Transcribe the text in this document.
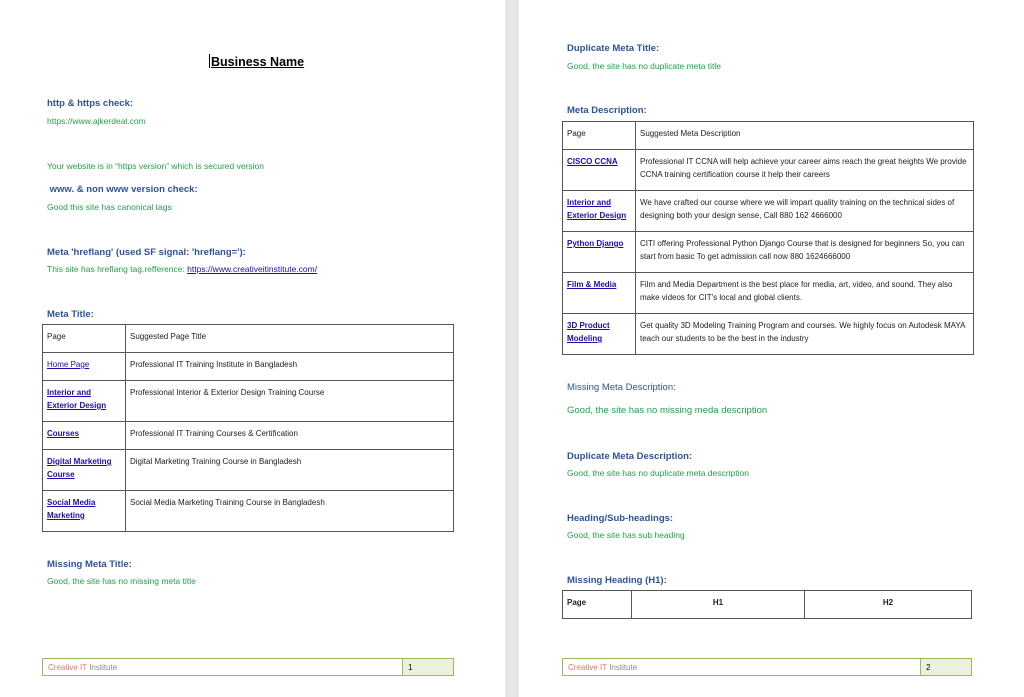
Business Name
http & https check:
https://www.ajkerdeal.com
Your website is in “https version” which is secured version
www. & non www version check:
Good this site has canonical tags
Meta 'hreflang' (used SF signal: 'hreflang='):
This site has hreflang tag.refference: https://www.creativeitinstitute.com/
Meta Title:
Page	Suggested Page Title
Home Page	Professional IT Training Institute in Bangladesh
Interior and Exterior Design	Professional Interior & Exterior Design Training Course
Courses	Professional IT Training Courses & Certification
Digital Marketing Course	Digital Marketing Training Course in Bangladesh
Social Media Marketing	Social Media Marketing Training Course in Bangladesh
Missing Meta Title:
Good, the site has no missing meta title
Creative IT Institute	1
Duplicate Meta Title:
Good, the site has no duplicate meta title
Meta Description:
Page	Suggested Meta Description
CISCO CCNA	Professional IT CCNA will help achieve your career aims reach the great heights We provide CCNA training certification course it help their careers
Interior and Exterior Design	We have crafted our course where we will impart quality training on the technical sides of designing both your design sense, Call 880 162 4666000
Python Django	CITI offering Professional Python Django Course that is designed for beginners So, you can start from basic To get admission call now 880 1624666000
Film & Media	Film and Media Department is the best place for media, art, video, and sound. They also make videos for CIT's local and global clients.
3D Product Modeling	Get quality 3D Modeling Training Program and courses. We highly focus on Autodesk MAYA teach our students to be the best in the industry
Missing Meta Description:
Good, the site has no missing meda description
Duplicate Meta Description:
Good, the site has no duplicate meta description
Heading/Sub-headings:
Good, the site has sub heading
Missing Heading (H1):
Page	H1	H2
Creative IT Institute	2
